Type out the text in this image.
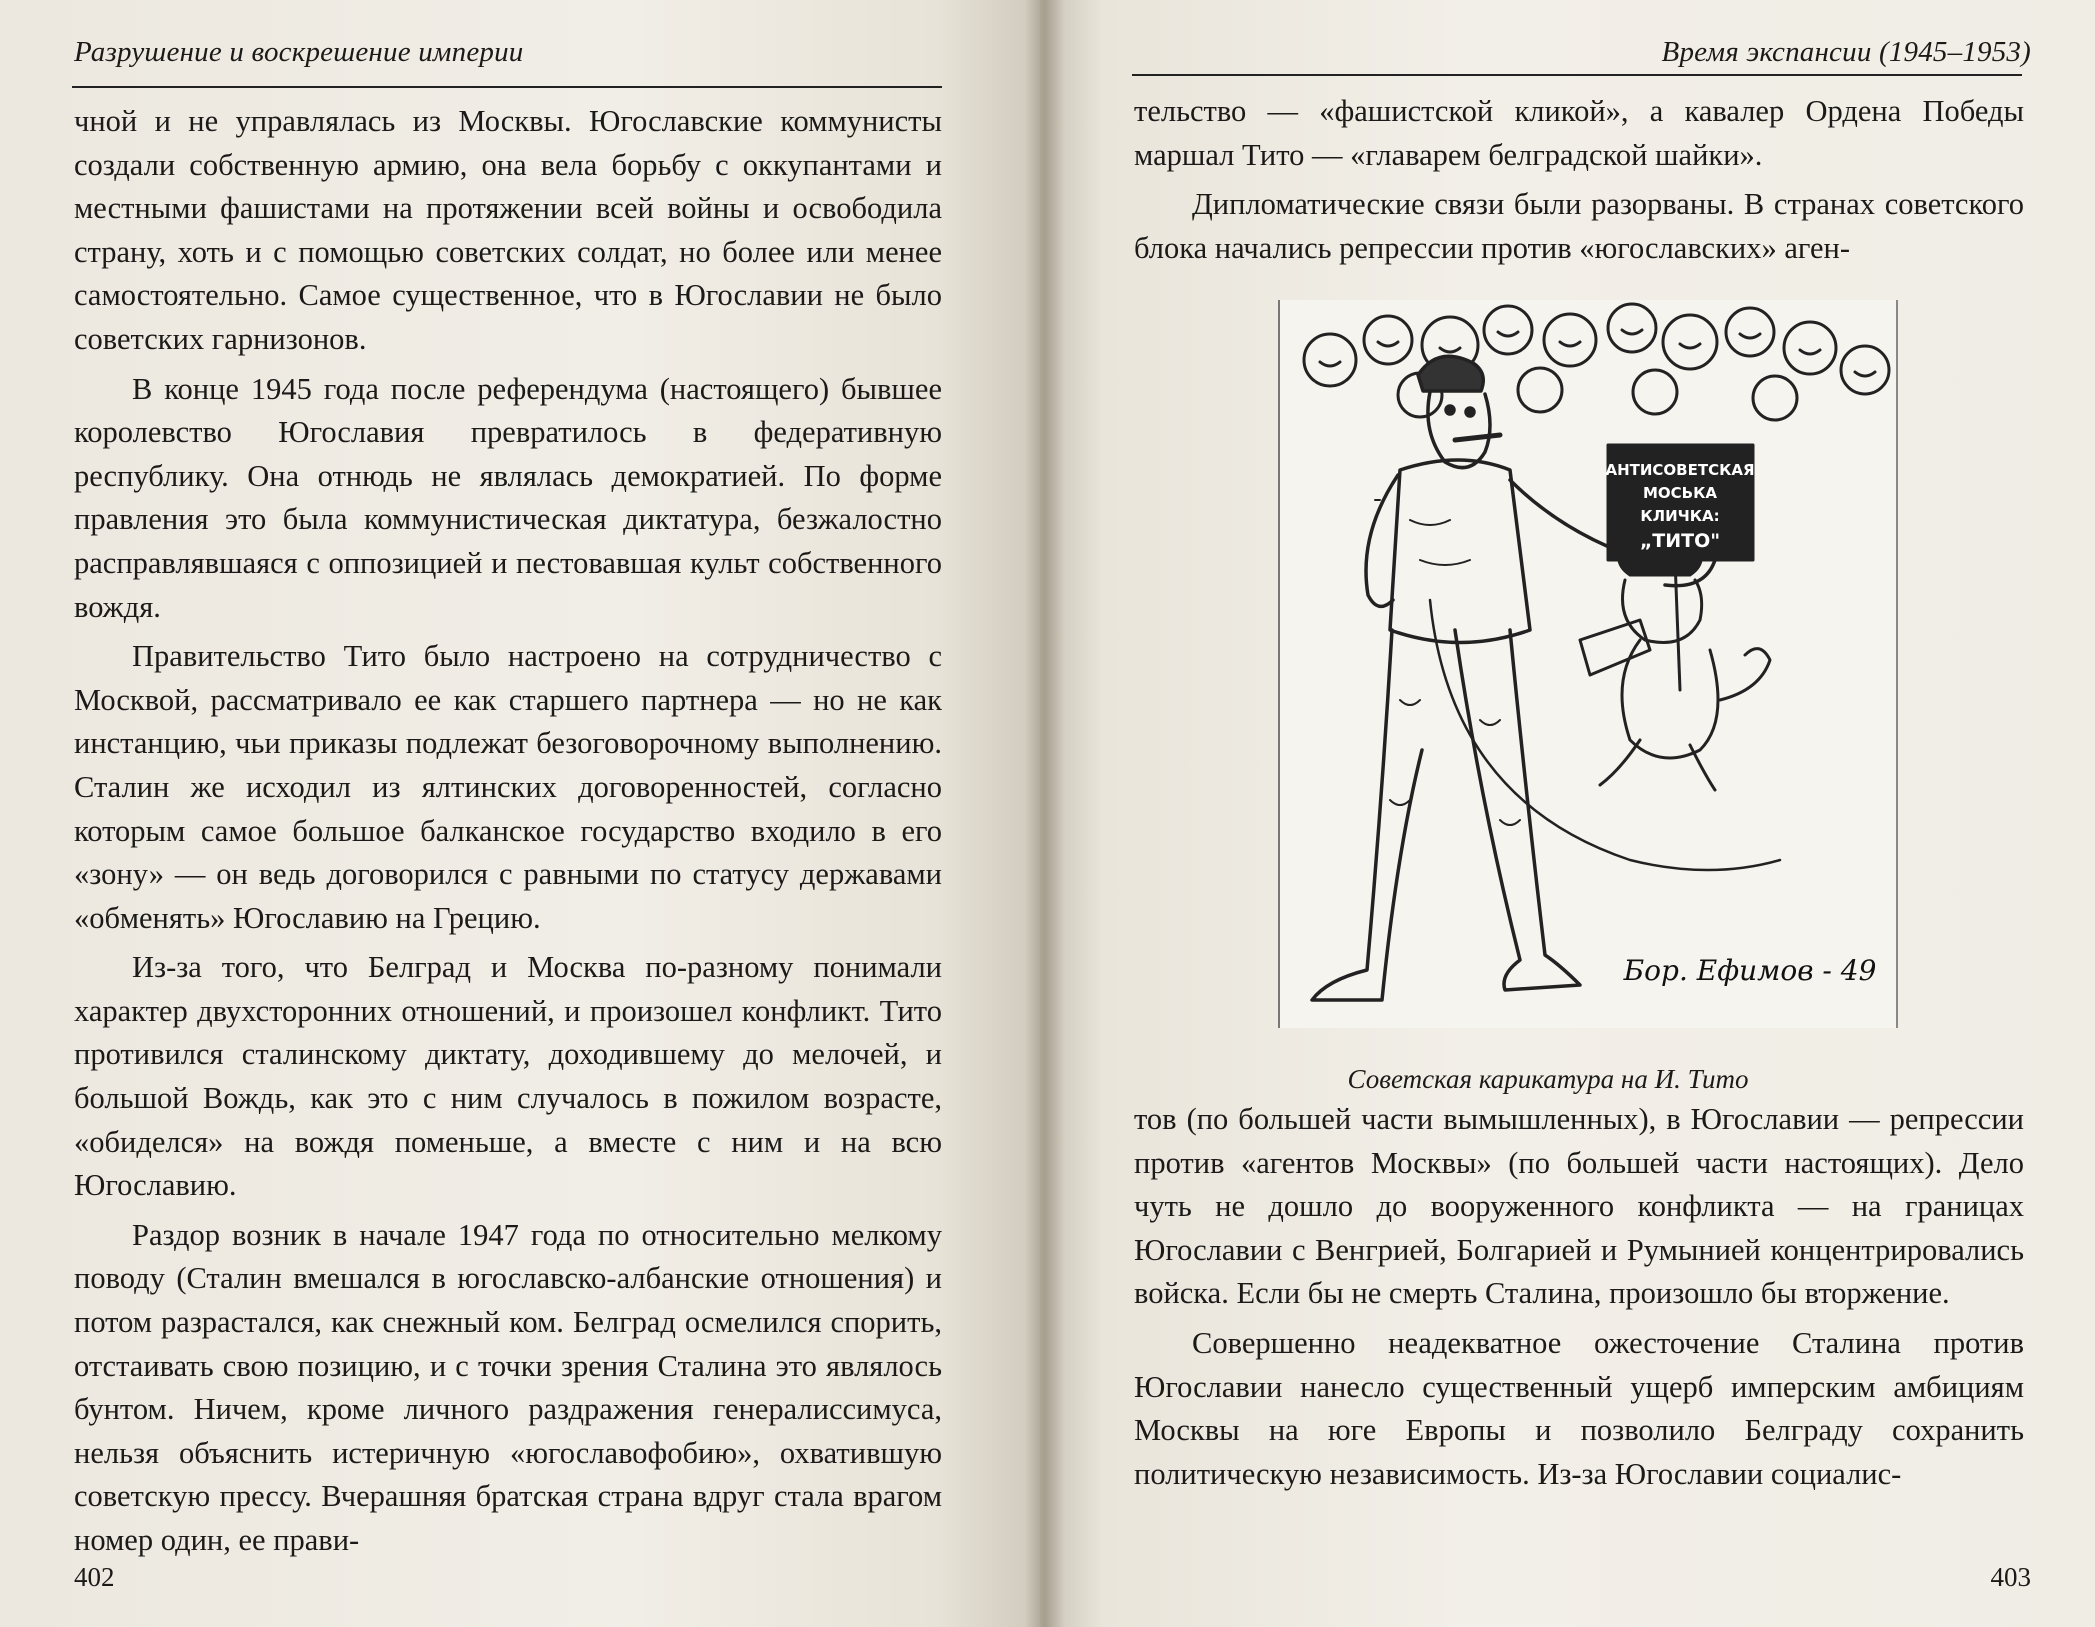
Разрушение и воскрешение империи

чной и не управлялась из Москвы. Югославские коммунисты создали собственную армию, она вела борьбу с оккупантами и местными фашистами на протяжении всей войны и освободила страну, хоть и с помощью советских солдат, но более или менее самостоятельно. Самое существенное, что в Югославии не было советских гарнизонов.

В конце 1945 года после референдума (настоящего) бывшее королевство Югославия превратилось в федеративную республику. Она отнюдь не являлась демократией. По форме правления это была коммунистическая диктатура, безжалостно расправлявшаяся с оппозицией и пестовавшая культ собственного вождя.

Правительство Тито было настроено на сотрудничество с Москвой, рассматривало ее как старшего партнера — но не как инстанцию, чьи приказы подлежат безоговорочному выполнению. Сталин же исходил из ялтинских договоренностей, согласно которым самое большое балканское государство входило в его «зону» — он ведь договорился с равными по статусу державами «обменять» Югославию на Грецию.

Из-за того, что Белград и Москва по-разному понимали характер двухсторонних отношений, и произошел конфликт. Тито противился сталинскому диктату, доходившему до мелочей, и большой Вождь, как это с ним случалось в пожилом возрасте, «обиделся» на вождя поменьше, а вместе с ним и на всю Югославию.

Раздор возник в начале 1947 года по относительно мелкому поводу (Сталин вмешался в югославско-албанские отношения) и потом разрастался, как снежный ком. Белград осмелился спорить, отстаивать свою позицию, и с точки зрения Сталина это являлось бунтом. Ничем, кроме личного раздражения генералиссимуса, нельзя объяснить истеричную «югославофобию», охватившую советскую прессу. Вчерашняя братская страна вдруг стала врагом номер один, ее прави-

402
Время экспансии (1945–1953)

тельство — «фашистской кликой», а кавалер Ордена Победы маршал Тито — «главарем белградской шайки».

Дипломатические связи были разорваны. В странах советского блока начались репрессии против «югославских» аген-

тов (по большей части вымышленных), в Югославии — репрессии против «агентов Москвы» (по большей части настоящих). Дело чуть не дошло до вооруженного конфликта — на границах Югославии с Венгрией, Болгарией и Румынией концентрировались войска. Если бы не смерть Сталина, произошло бы вторжение.

Совершенно неадекватное ожесточение Сталина против Югославии нанесло существенный ущерб имперским амбициям Москвы на юге Европы и позволило Белграду сохранить политическую независимость. Из-за Югославии социалис-

403
АНТИСОВЕТСКАЯ
МОСЬКА
КЛИЧКА:
„ТИТО"
Бор. Ефимов - 49
Советская карикатура на И. Тито
